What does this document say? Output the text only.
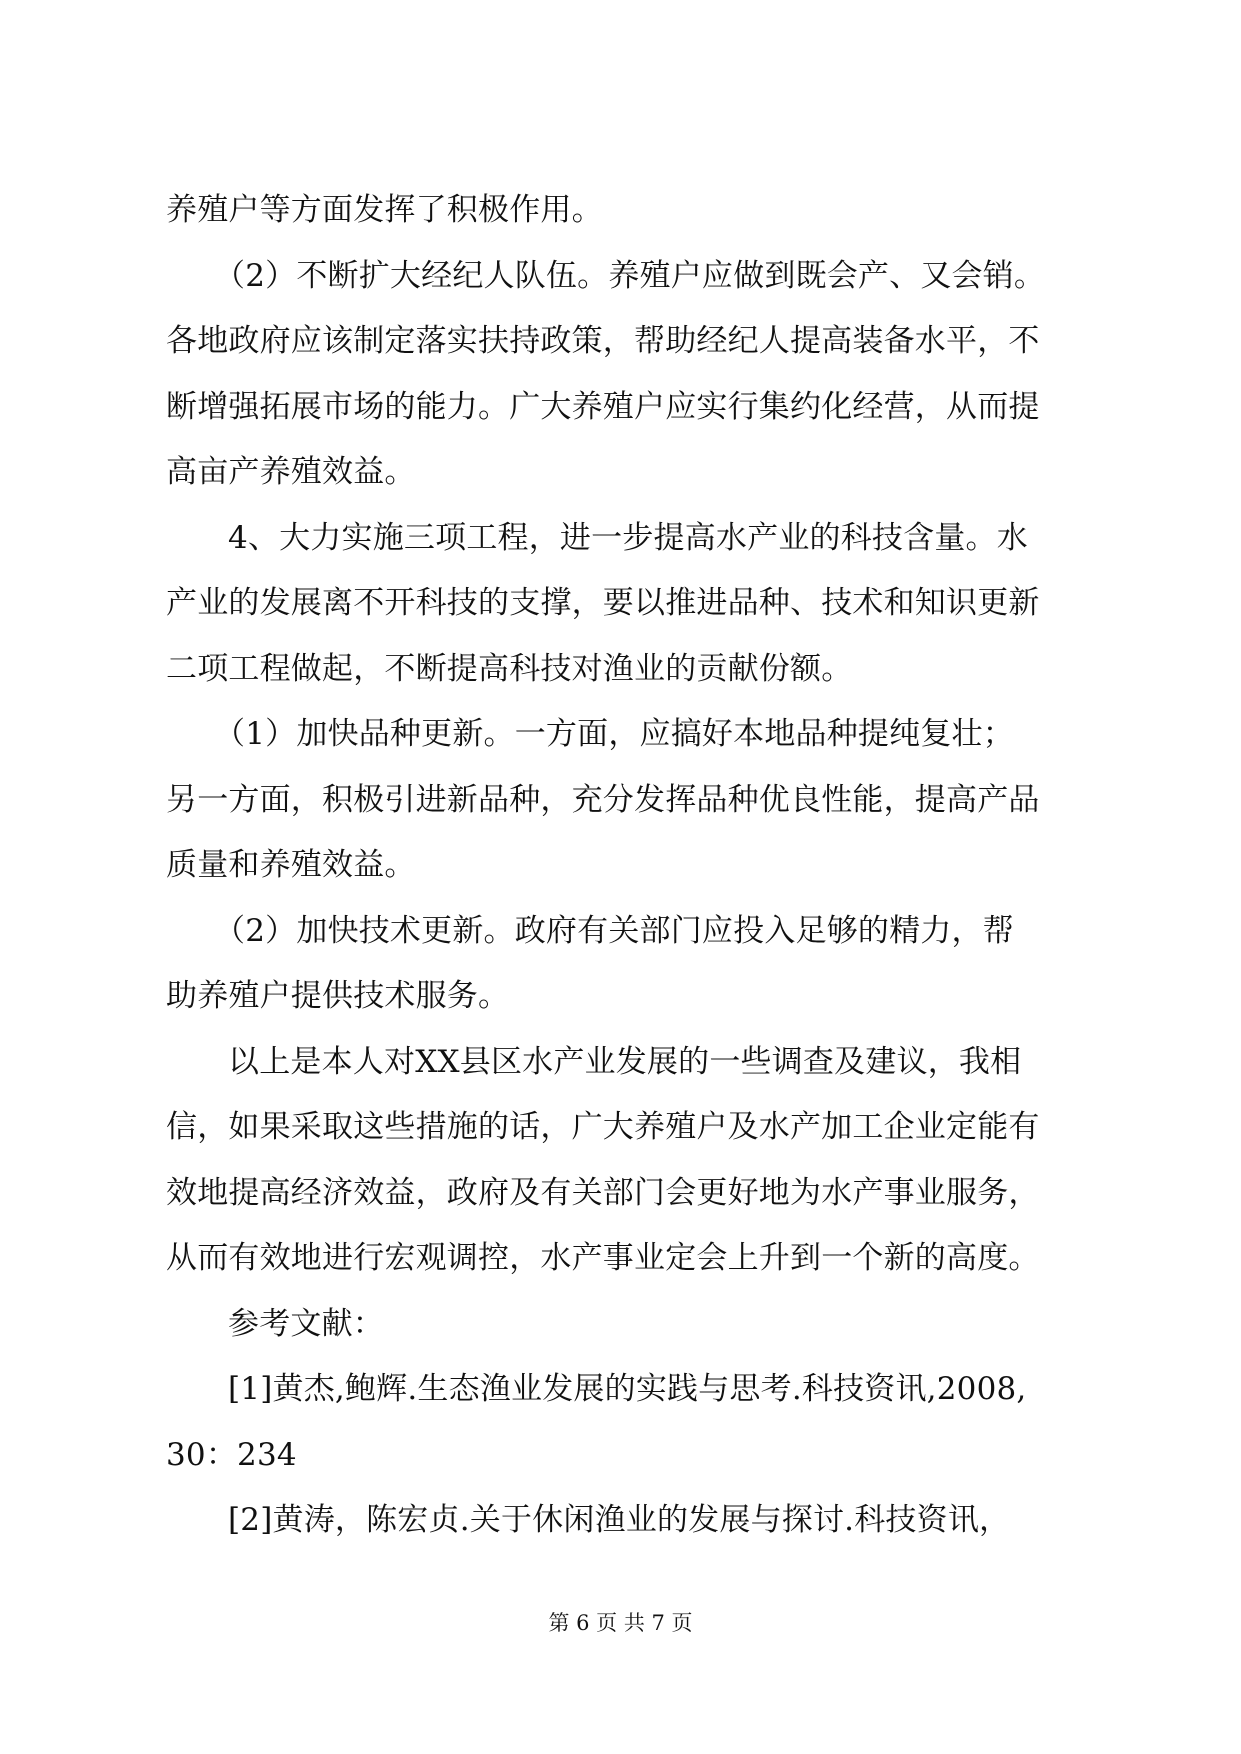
养殖户等方面发挥了积极作用。
（2）不断扩大经纪人队伍。养殖户应做到既会产、又会销。
各地政府应该制定落实扶持政策，帮助经纪人提高装备水平，不
断增强拓展市场的能力。广大养殖户应实行集约化经营，从而提
高亩产养殖效益。
4、大力实施三项工程，进一步提高水产业的科技含量。水
产业的发展离不开科技的支撑，要以推进品种、技术和知识更新
二项工程做起，不断提高科技对渔业的贡献份额。
（1）加快品种更新。一方面，应搞好本地品种提纯复壮；
另一方面，积极引进新品种，充分发挥品种优良性能，提高产品
质量和养殖效益。
（2）加快技术更新。政府有关部门应投入足够的精力，帮
助养殖户提供技术服务。
以上是本人对XX县区水产业发展的一些调查及建议，我相
信，如果采取这些措施的话，广大养殖户及水产加工企业定能有
效地提高经济效益，政府及有关部门会更好地为水产事业服务，
从而有效地进行宏观调控，水产事业定会上升到一个新的高度。
参考文献：
[1]黄杰,鲍辉.生态渔业发展的实践与思考.科技资讯,2008,
30：234
[2]黄涛，陈宏贞.关于休闲渔业的发展与探讨.科技资讯，
第 6 页 共 7 页
